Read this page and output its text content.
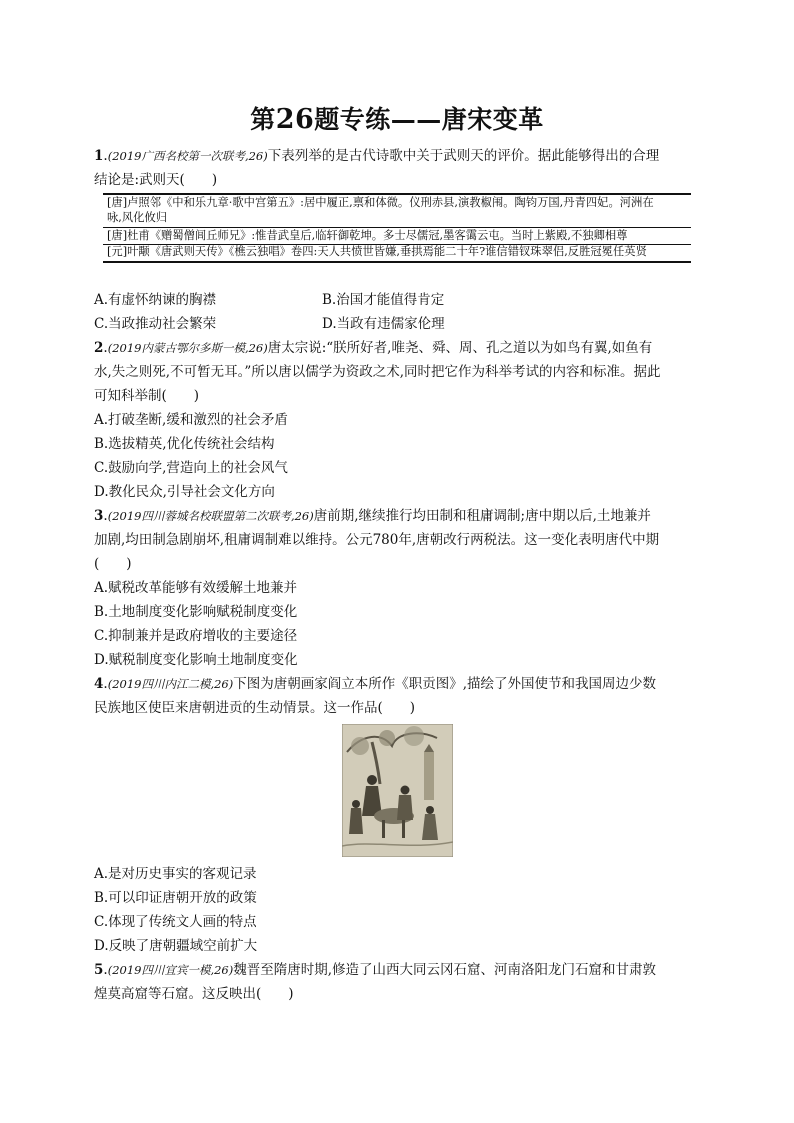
第26题专练——唐宋变革
1.(2019广西名校第一次联考,26)下表列举的是古代诗歌中关于武则天的评价。据此能够得出的合理
结论是:武则天(　　)
[唐]卢照邻《中和乐九章·歌中宫第五》:居中履正,禀和体微。仪刑赤县,演教椒闱。陶钧万国,丹青四妃。河洲在
咏,风化攸归
[唐]杜甫《赠蜀僧闾丘师兄》:惟昔武皇后,临轩御乾坤。多士尽儒冠,墨客霭云屯。当时上紫殿,不独卿相尊
[元]叶颙《唐武则天传》《樵云独唱》卷四:天人共愤世皆嫌,垂拱焉能二十年?谁信错钗珠翠侣,反胜冠冕任英贤
A.有虚怀纳谏的胸襟	B.治国才能值得肯定
C.当政推动社会繁荣	D.当政有违儒家伦理
2.(2019内蒙古鄂尔多斯一模,26)唐太宗说:“朕所好者,唯尧、舜、周、孔之道以为如鸟有翼,如鱼有
水,失之则死,不可暂无耳。”所以唐以儒学为资政之术,同时把它作为科举考试的内容和标准。据此
可知科举制(　　)
A.打破垄断,缓和激烈的社会矛盾
B.选拔精英,优化传统社会结构
C.鼓励向学,营造向上的社会风气
D.教化民众,引导社会文化方向
3.(2019四川蓉城名校联盟第二次联考,26)唐前期,继续推行均田制和租庸调制;唐中期以后,土地兼并
加剧,均田制急剧崩坏,租庸调制难以维持。公元780年,唐朝改行两税法。这一变化表明唐代中期
(　　)
A.赋税改革能够有效缓解土地兼并
B.土地制度变化影响赋税制度变化
C.抑制兼并是政府增收的主要途径
D.赋税制度变化影响土地制度变化
4.(2019四川内江二模,26)下图为唐朝画家阎立本所作《职贡图》,描绘了外国使节和我国周边少数
民族地区使臣来唐朝进贡的生动情景。这一作品(　　)
A.是对历史事实的客观记录
B.可以印证唐朝开放的政策
C.体现了传统文人画的特点
D.反映了唐朝疆域空前扩大
5.(2019四川宜宾一模,26)魏晋至隋唐时期,修造了山西大同云冈石窟、河南洛阳龙门石窟和甘肃敦
煌莫高窟等石窟。这反映出(　　)
